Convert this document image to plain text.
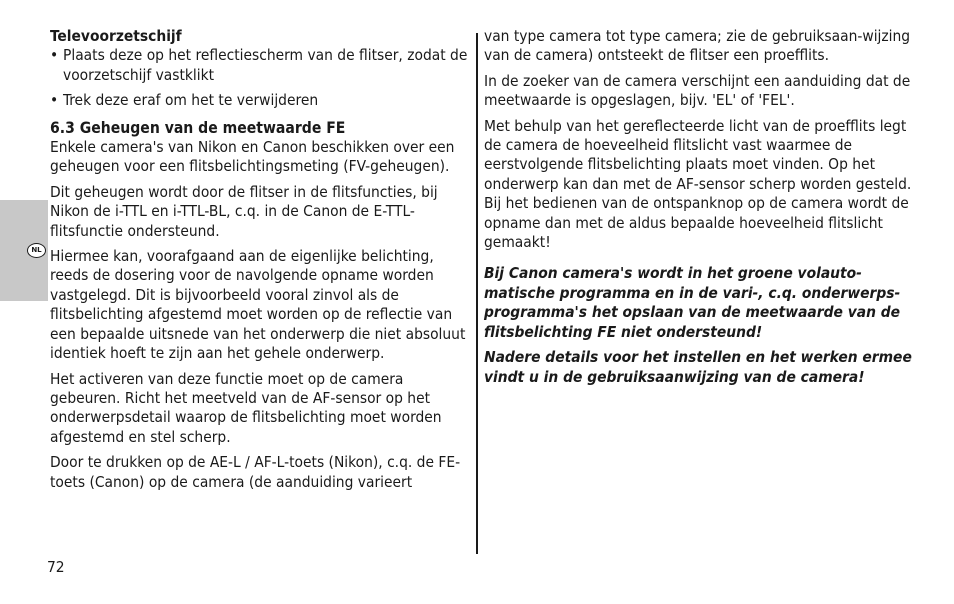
NL
Televoorzetschijf
• Plaats deze op het reflectiescherm van de flitser, zodat de voorzetschijf vastklikt
• Trek deze eraf om het te verwijderen
6.3 Geheugen van de meetwaarde FE

Enkele camera's van Nikon en Canon beschikken over een geheugen voor een flitsbelichtingsmeting (FV-geheugen).

Dit geheugen wordt door de flitser in de flitsfuncties, bij Nikon de i-TTL en i-TTL-BL, c.q. in de Canon de E-TTL-flitsfunctie ondersteund.

Hiermee kan, voorafgaand aan de eigenlijke belichting, reeds de dosering voor de navolgende opname worden vastgelegd. Dit is bijvoorbeeld vooral zinvol als de flitsbelichting afgestemd moet worden op de reflectie van een bepaalde uitsnede van het onderwerp die niet absoluut identiek hoeft te zijn aan het gehele onderwerp.

Het activeren van deze functie moet op de camera gebeuren. Richt het meetveld van de AF-sensor op het onderwerpsdetail waarop de flitsbelichting moet worden afgestemd en stel scherp.

Door te drukken op de AE-L / AF-L-toets (Nikon), c.q. de FE-toets (Canon) op de camera (de aanduiding varieert

van type camera tot type camera; zie de gebruiksaan-wijzing van de camera) ontsteekt de flitser een proefflits.

In de zoeker van de camera verschijnt een aanduiding dat de meetwaarde is opgeslagen, bijv. 'EL' of 'FEL'.

Met behulp van het gereflecteerde licht van de proefflits legt de camera de hoeveelheid flitslicht vast waarmee de eerstvolgende flitsbelichting plaats moet vinden. Op het onderwerp kan dan met de AF-sensor scherp worden gesteld. Bij het bedienen van de ontspanknop op de camera wordt de opname dan met de aldus bepaalde hoeveelheid flitslicht gemaakt!

Bij Canon camera's wordt in het groene volauto-matische programma en in de vari-, c.q. onderwerps-programma's het opslaan van de meetwaarde van de flitsbelichting FE niet ondersteund!

Nadere details voor het instellen en het werken ermee vindt u in de gebruiksaanwijzing van de camera!

72
